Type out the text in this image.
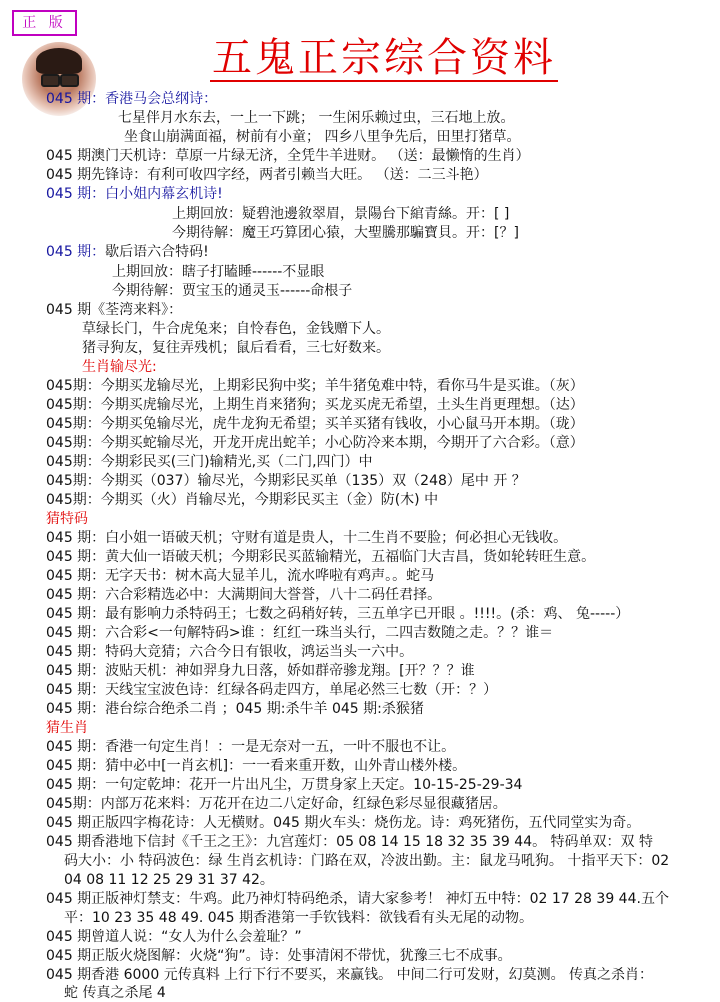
正 版
五鬼正宗综合资料
045 期：香港马会总纲诗：
七星伴月水东去，一上一下跳； 一生闲乐赖过虫，三石地上放。
坐食山崩满面福，树前有小童； 四乡八里争先后，田里打猪草。
045 期澳门天机诗：草原一片绿无济，全凭牛羊进财。 （送：最懒惰的生肖）
045 期先锋诗：有利可收四字经，两者引赖当大旺。 （送：二三斗艳）
045 期：白小姐内幕玄机诗!
上期回放：疑碧池邊敘翠眉，景陽台下綰青絲。开：[ ]
今期待解：魔王巧算团心猿，大聖騰那騙寶貝。开：[？]
045 期：歇后语六合特码!
上期回放：瞎子打瞌睡------不显眼
今期待解：贾宝玉的通灵玉------命根子
045 期《荃湾来料》：
草绿长门，牛合虎兔来；自怜春色，金钱赠下人。
猪寻狗友，复往弄残机；鼠后看看，三七好数来。
生肖输尽光:
045期：今期买龙输尽光，上期彩民狗中奖；羊牛猪兔难中特，看你马牛是买谁。（灰）
045期：今期买虎输尽光，上期生肖来猪狗；买龙买虎无希望，土头生肖更理想。（达）
045期：今期买兔输尽光，虎牛龙狗无希望；买羊买猪有钱收，小心鼠马开本期。（珑）
045期：今期买蛇输尽光，开龙开虎出蛇羊；小心防冷来本期，今期开了六合彩。（意）
045期：今期彩民买(三门)输精光,买（二门,四门）中
045期：今期买（037）输尽光，今期彩民买单（135）双（248）尾中 开 ？
045期：今期买（火）肖输尽光，今期彩民买主（金）防(木) 中
猜特码
045 期：白小姐一语破天机；守财有道是贵人，十二生肖不要脸；何必担心无钱收。
045 期：黄大仙一语破天机；今期彩民买蓝输精光，五福临门大吉昌，货如轮转旺生意。
045 期：无字天书：树木高大显羊儿，流水哗啦有鸡声。。蛇马
045 期：六合彩精选必中：大满期间大誉誉，八十二码任君择。
045 期：最有影响力杀特码王；七数之码稍好转，三五单字已开眼 。!!!!。(杀：鸡、 兔-----）
045 期：六合彩<一句解特码>谁 ：红红一珠当头行，二四吉数随之走。？？谁＝
045 期：特码大竞猜；六合今日有银收，鸿运当头一六中。
045 期：波贴天机：神如羿身九日落，娇如群帝骖龙翔。[开？？？谁
045 期：天线宝宝波色诗：红绿各码走四方，单尾必然三七数（开：？）
045 期：港台综合绝杀二肖 ；045 期:杀牛羊 045 期:杀猴猪
猜生肖
045 期：香港一句定生肖！：一是无奈对一五，一叶不服也不让。
045 期：猜中必中[一肖玄机]：一一看来重开数，山外青山楼外楼。
045 期：一句定乾坤：花开一片出凡尘，万贯身家上天定。10-15-25-29-34
045期：内部万花来料：万花开在边二八定好命，红绿色彩尽显很藏猪居。
045 期正版四字梅花诗：人无横财。045 期火车头：烧伤龙。诗：鸡死猪伤，五代同堂实为奇。
045 期香港地下信封《千王之王》：九宫莲灯：05 08 14 15 18 32 35 39 44。 特码单双：双 特
码大小：小 特码波色：绿 生肖玄机诗：门路在双，冷波出勤。主：鼠龙马吼狗。 十指平天下：02
04 08 11 12 25 29 31 37 42。
045 期正版神灯禁支：牛鸡。此乃神灯特码绝杀，请大家参考！ 神灯五中特：02 17 28 39 44.五个
平：10 23 35 48 49. 045 期香港第一手钦钱料：欲钱看有头无尾的动物。
045 期曾道人说：“女人为什么会羞耻？”
045 期正版火烧图解：火烧“狗”。诗：处事清闲不带忧，犹豫三七不成事。
045 期香港 6000 元传真料 上行下行不要买，来赢钱。 中间二行可发财，幻莫测。 传真之杀肖：
蛇 传真之杀尾 4
